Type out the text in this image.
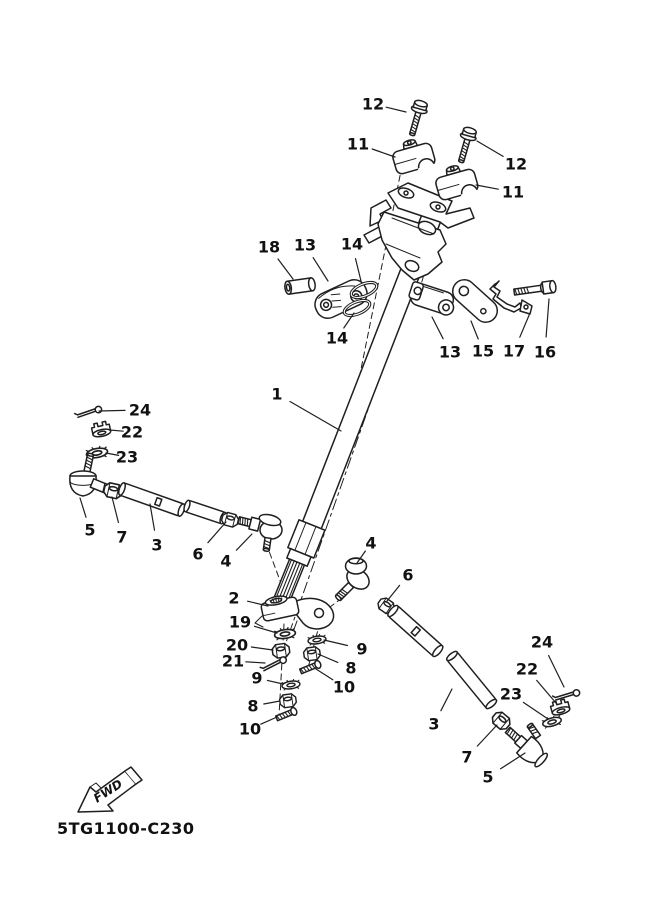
FWD
5TG1100-C230
12
11
12
11
18 13 14
14
13 15 17 16
1
24
22
23
5 7 3 6 4
2
19
20
21
9
8
10
9
8
10
4
6
24
22
23
3
7
5
